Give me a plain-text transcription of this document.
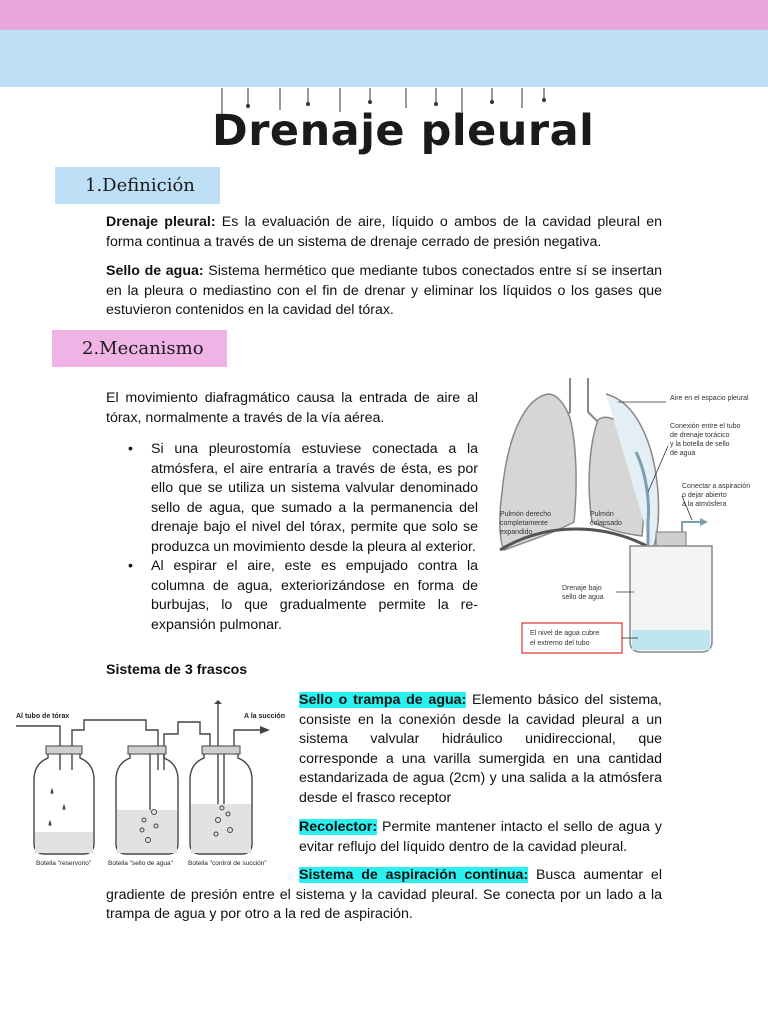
Drenaje pleural
1.Definición

Drenaje pleural: Es la evaluación de aire, líquido o ambos de la cavidad pleural en forma continua a través de un sistema de drenaje cerrado de presión negativa.

Sello de agua: Sistema hermético que mediante tubos conectados entre sí se insertan en la pleura o mediastino con el fin de drenar y eliminar los líquidos o los gases que estuvieron contenidos en la cavidad del tórax.

2.Mecanismo
El movimiento diafragmático causa la entrada de aire al tórax, normalmente a través de la vía aérea.
• Si una pleurostomía estuviese conectada a la atmósfera, el aire entraría a través de ésta, es por ello que se utiliza un sistema valvular denominado sello de agua, que sumado a la permanencia del drenaje bajo el nivel del tórax, permite que solo se produzca un movimiento desde la pleura al exterior.
• Al espirar el aire, este es empujado contra la columna de agua, exteriorizándose en forma de burbujas, lo que gradualmente permite la re-expansión pulmonar.
Aire en el espacio pleural
Conexión entre el tubo
de drenaje torácico
y la botella de sello
de agua
Conectar a aspiración
o dejar abierto
a la atmósfera
Pulmón derecho
completamente
expandido
Pulmón
colapsado
Drenaje bajo
sello de agua
El nivel de agua cubre
el extremo del tubo
Sistema de 3 frascos
Al tubo de tórax	A la succión
Botella "reservorio"	Botella "sello de agua" Botella "control de succión"

Sello o trampa de agua: Elemento básico del sistema, consiste en la conexión desde la cavidad pleural a un sistema valvular hidráulico unidireccional, que corresponde a una varilla sumergida en una cantidad estandarizada de agua (2cm) y una salida a la atmósfera desde el frasco receptor

Recolector: Permite mantener intacto el sello de agua y evitar reflujo del líquido dentro de la cavidad pleural.

Sistema de aspiración continua: Busca aumentar el gradiente de presión entre el sistema y la cavidad pleural. Se conecta por un lado a la trampa de agua y por otro a la red de aspiración.
